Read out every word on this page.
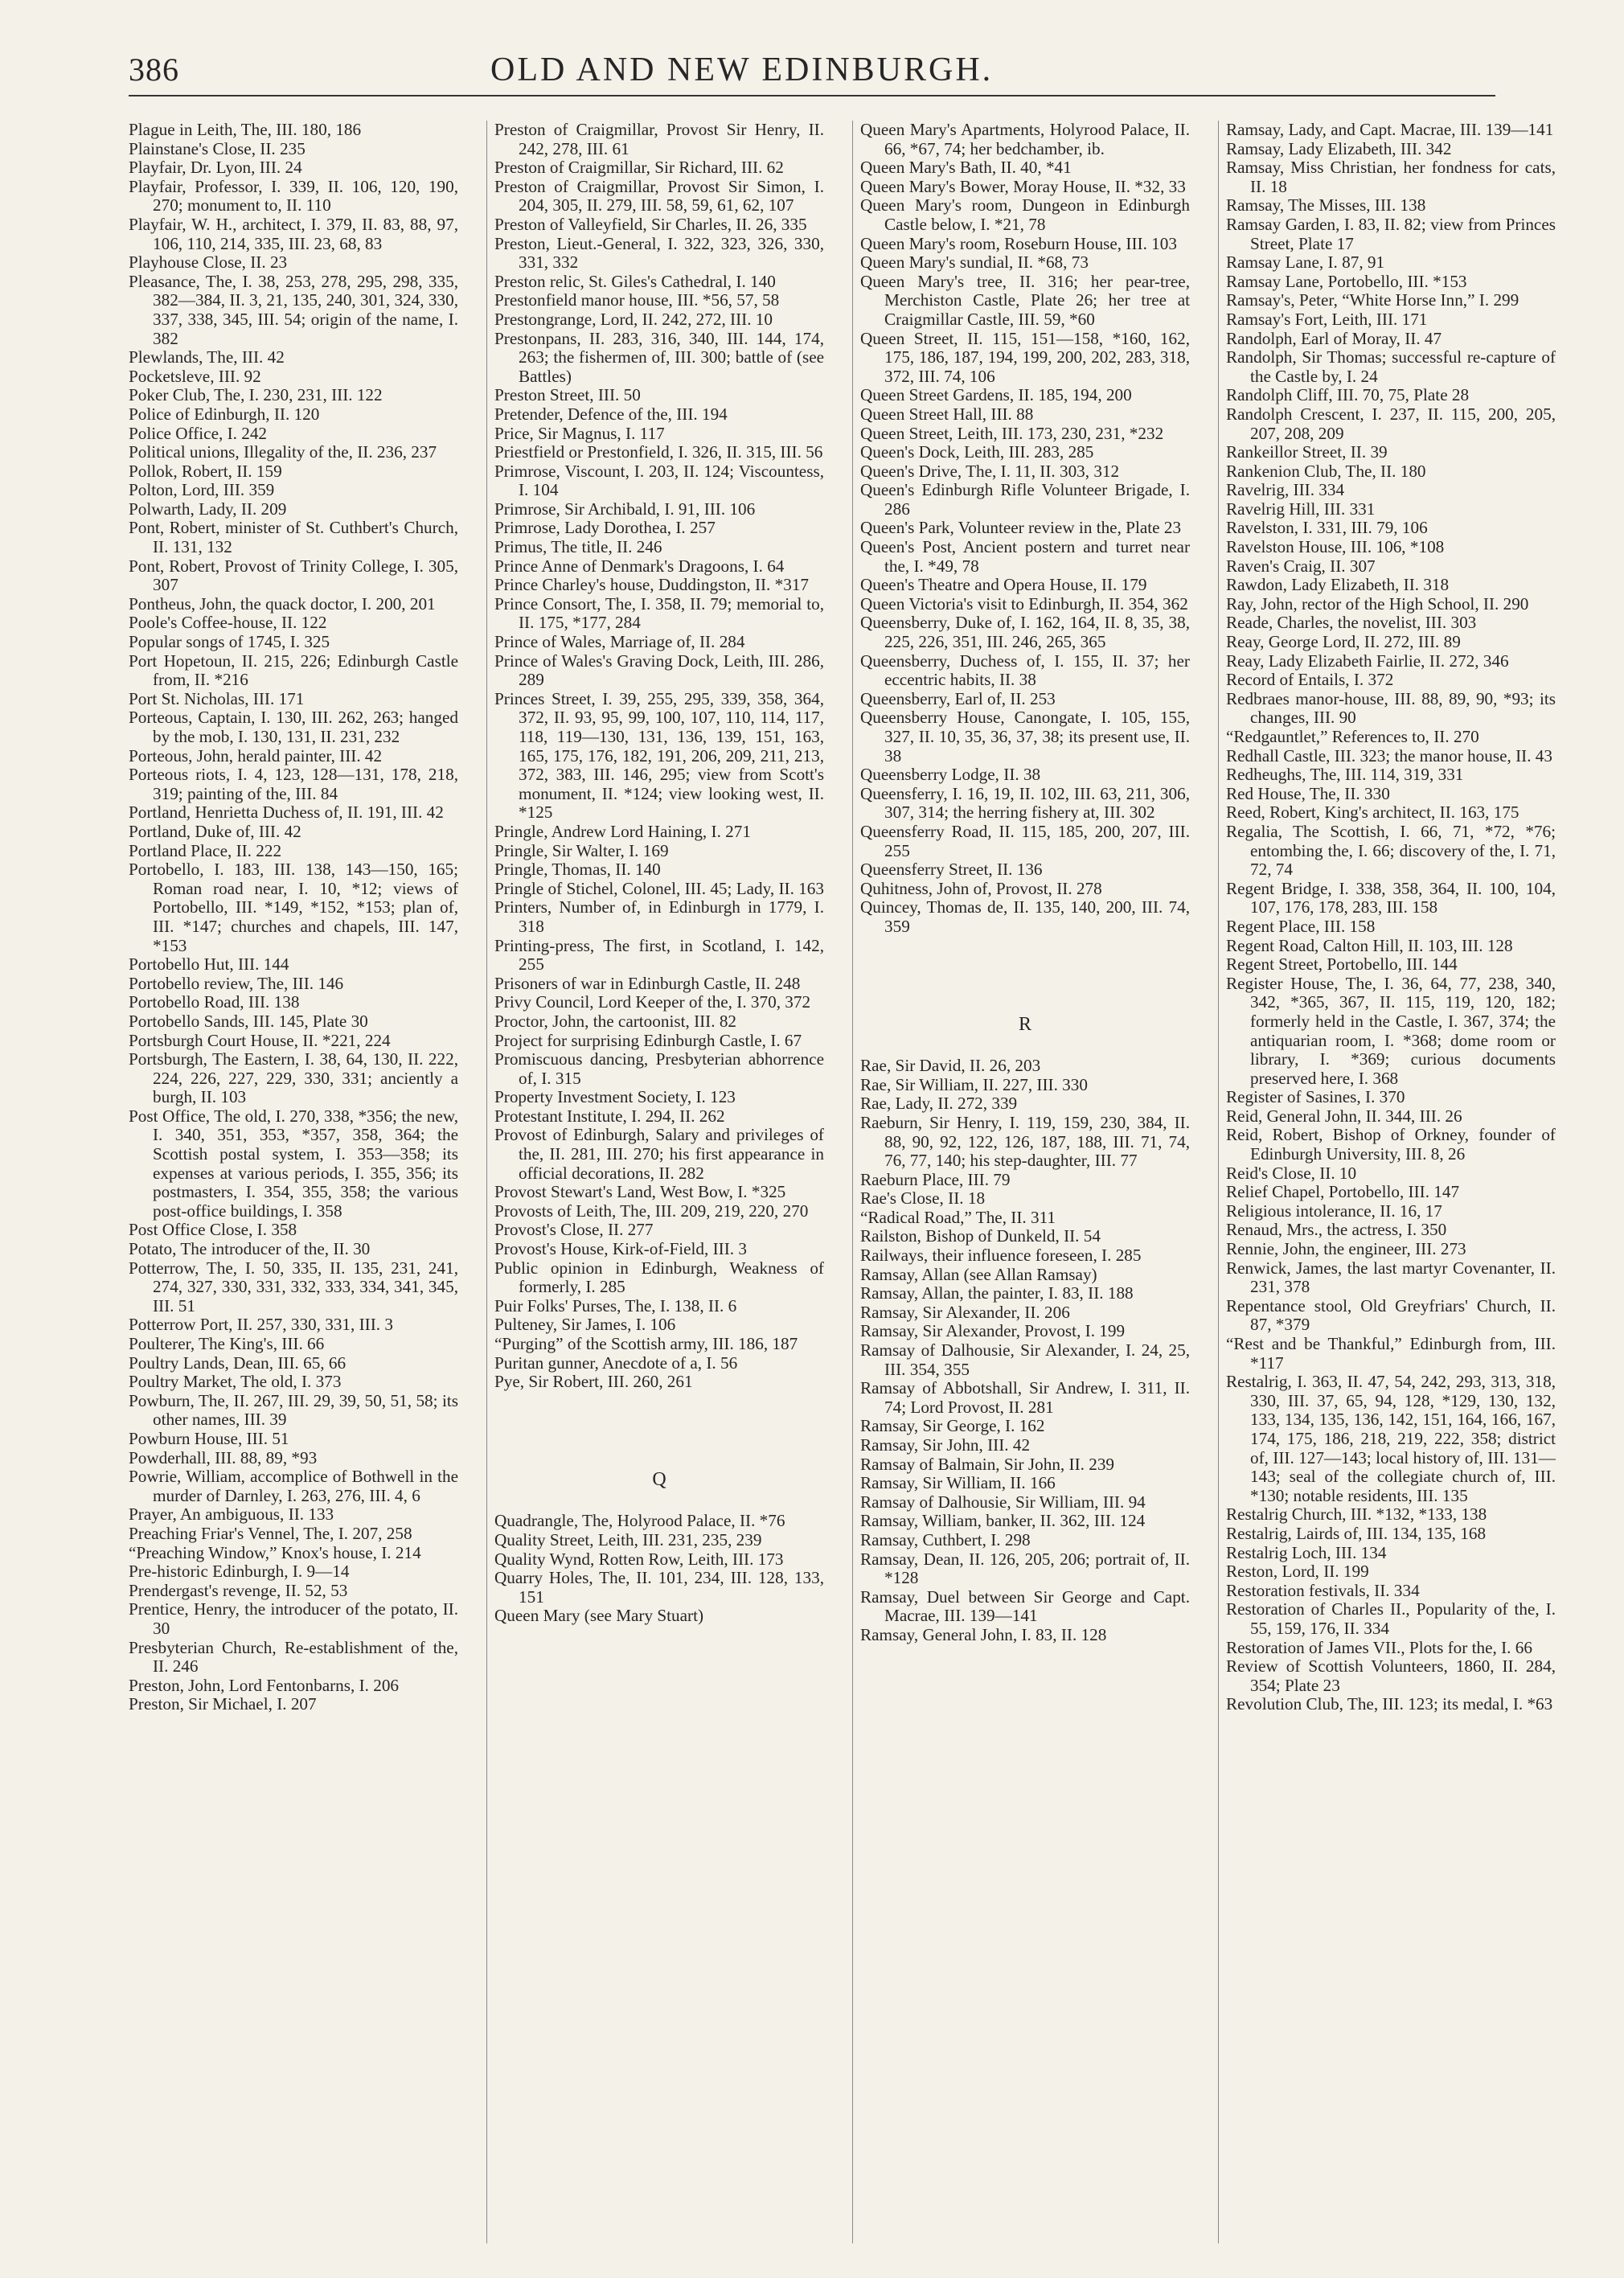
386	OLD AND NEW EDINBURGH.
Plague in Leith, The, III. 180, 186
Plainstane's Close, II. 235
Playfair, Dr. Lyon, III. 24
Playfair, Professor, I. 339, II. 106, 120, 190, 270; monument to, II. 110
Playfair, W. H., architect, I. 379, II. 83, 88, 97, 106, 110, 214, 335, III. 23, 68, 83
Playhouse Close, II. 23
Pleasance, The, I. 38, 253, 278, 295, 298, 335, 382—384, II. 3, 21, 135, 240, 301, 324, 330, 337, 338, 345, III. 54; origin of the name, I. 382
Plewlands, The, III. 42
Pocketsleve, III. 92
Poker Club, The, I. 230, 231, III. 122
Police of Edinburgh, II. 120
Police Office, I. 242
Political unions, Illegality of the, II. 236, 237
Pollok, Robert, II. 159
Polton, Lord, III. 359
Polwarth, Lady, II. 209
Pont, Robert, minister of St. Cuthbert's Church, II. 131, 132
Pont, Robert, Provost of Trinity College, I. 305, 307
Pontheus, John, the quack doctor, I. 200, 201
Poole's Coffee-house, II. 122
Popular songs of 1745, I. 325
Port Hopetoun, II. 215, 226; Edinburgh Castle from, II. *216
Port St. Nicholas, III. 171
Porteous, Captain, I. 130, III. 262, 263; hanged by the mob, I. 130, 131, II. 231, 232
Porteous, John, herald painter, III. 42
Porteous riots, I. 4, 123, 128—131, 178, 218, 319; painting of the, III. 84
Portland, Henrietta Duchess of, II. 191, III. 42
Portland, Duke of, III. 42
Portland Place, II. 222
Portobello, I. 183, III. 138, 143—150, 165; Roman road near, I. 10, *12; views of Portobello, III. *149, *152, *153; plan of, III. *147; churches and chapels, III. 147, *153
Portobello Hut, III. 144
Portobello review, The, III. 146
Portobello Road, III. 138
Portobello Sands, III. 145, Plate 30
Portsburgh Court House, II. *221, 224
Portsburgh, The Eastern, I. 38, 64, 130, II. 222, 224, 226, 227, 229, 330, 331; anciently a burgh, II. 103
Post Office, The old, I. 270, 338, *356; the new, I. 340, 351, 353, *357, 358, 364; the Scottish postal system, I. 353—358; its expenses at various periods, I. 355, 356; its postmasters, I. 354, 355, 358; the various post-office buildings, I. 358
Post Office Close, I. 358
Potato, The introducer of the, II. 30
Potterrow, The, I. 50, 335, II. 135, 231, 241, 274, 327, 330, 331, 332, 333, 334, 341, 345, III. 51
Potterrow Port, II. 257, 330, 331, III. 3
Poulterer, The King's, III. 66
Poultry Lands, Dean, III. 65, 66
Poultry Market, The old, I. 373
Powburn, The, II. 267, III. 29, 39, 50, 51, 58; its other names, III. 39
Powburn House, III. 51
Powderhall, III. 88, 89, *93
Powrie, William, accomplice of Bothwell in the murder of Darnley, I. 263, 276, III. 4, 6
Prayer, An ambiguous, II. 133
Preaching Friar's Vennel, The, I. 207, 258
“Preaching Window,” Knox's house, I. 214
Pre-historic Edinburgh, I. 9—14
Prendergast's revenge, II. 52, 53
Prentice, Henry, the introducer of the potato, II. 30
Presbyterian Church, Re-establishment of the, II. 246
Preston, John, Lord Fentonbarns, I. 206
Preston, Sir Michael, I. 207
Preston of Craigmillar, Provost Sir Henry, II. 242, 278, III. 61
Preston of Craigmillar, Sir Richard, III. 62
Preston of Craigmillar, Provost Sir Simon, I. 204, 305, II. 279, III. 58, 59, 61, 62, 107
Preston of Valleyfield, Sir Charles, II. 26, 335
Preston, Lieut.-General, I. 322, 323, 326, 330, 331, 332
Preston relic, St. Giles's Cathedral, I. 140
Prestonfield manor house, III. *56, 57, 58
Prestongrange, Lord, II. 242, 272, III. 10
Prestonpans, II. 283, 316, 340, III. 144, 174, 263; the fishermen of, III. 300; battle of (see Battles)
Preston Street, III. 50
Pretender, Defence of the, III. 194
Price, Sir Magnus, I. 117
Priestfield or Prestonfield, I. 326, II. 315, III. 56
Primrose, Viscount, I. 203, II. 124; Viscountess, I. 104
Primrose, Sir Archibald, I. 91, III. 106
Primrose, Lady Dorothea, I. 257
Primus, The title, II. 246
Prince Anne of Denmark's Dragoons, I. 64
Prince Charley's house, Duddingston, II. *317
Prince Consort, The, I. 358, II. 79; memorial to, II. 175, *177, 284
Prince of Wales, Marriage of, II. 284
Prince of Wales's Graving Dock, Leith, III. 286, 289
Princes Street, I. 39, 255, 295, 339, 358, 364, 372, II. 93, 95, 99, 100, 107, 110, 114, 117, 118, 119—130, 131, 136, 139, 151, 163, 165, 175, 176, 182, 191, 206, 209, 211, 213, 372, 383, III. 146, 295; view from Scott's monument, II. *124; view looking west, II. *125
Pringle, Andrew Lord Haining, I. 271
Pringle, Sir Walter, I. 169
Pringle, Thomas, II. 140
Pringle of Stichel, Colonel, III. 45; Lady, II. 163
Printers, Number of, in Edinburgh in 1779, I. 318
Printing-press, The first, in Scotland, I. 142, 255
Prisoners of war in Edinburgh Castle, II. 248
Privy Council, Lord Keeper of the, I. 370, 372
Proctor, John, the cartoonist, III. 82
Project for surprising Edinburgh Castle, I. 67
Promiscuous dancing, Presbyterian abhorrence of, I. 315
Property Investment Society, I. 123
Protestant Institute, I. 294, II. 262
Provost of Edinburgh, Salary and privileges of the, II. 281, III. 270; his first appearance in official decorations, II. 282
Provost Stewart's Land, West Bow, I. *325
Provosts of Leith, The, III. 209, 219, 220, 270
Provost's Close, II. 277
Provost's House, Kirk-of-Field, III. 3
Public opinion in Edinburgh, Weakness of formerly, I. 285
Puir Folks' Purses, The, I. 138, II. 6
Pulteney, Sir James, I. 106
“Purging” of the Scottish army, III. 186, 187
Puritan gunner, Anecdote of a, I. 56
Pye, Sir Robert, III. 260, 261
Q
Quadrangle, The, Holyrood Palace, II. *76
Quality Street, Leith, III. 231, 235, 239
Quality Wynd, Rotten Row, Leith, III. 173
Quarry Holes, The, II. 101, 234, III. 128, 133, 151
Queen Mary (see Mary Stuart)
Queen Mary's Apartments, Holyrood Palace, II. 66, *67, 74; her bedchamber, ib.
Queen Mary's Bath, II. 40, *41
Queen Mary's Bower, Moray House, II. *32, 33
Queen Mary's room, Dungeon in Edinburgh Castle below, I. *21, 78
Queen Mary's room, Roseburn House, III. 103
Queen Mary's sundial, II. *68, 73
Queen Mary's tree, II. 316; her pear-tree, Merchiston Castle, Plate 26; her tree at Craigmillar Castle, III. 59, *60
Queen Street, II. 115, 151—158, *160, 162, 175, 186, 187, 194, 199, 200, 202, 283, 318, 372, III. 74, 106
Queen Street Gardens, II. 185, 194, 200
Queen Street Hall, III. 88
Queen Street, Leith, III. 173, 230, 231, *232
Queen's Dock, Leith, III. 283, 285
Queen's Drive, The, I. 11, II. 303, 312
Queen's Edinburgh Rifle Volunteer Brigade, I. 286
Queen's Park, Volunteer review in the, Plate 23
Queen's Post, Ancient postern and turret near the, I. *49, 78
Queen's Theatre and Opera House, II. 179
Queen Victoria's visit to Edinburgh, II. 354, 362
Queensberry, Duke of, I. 162, 164, II. 8, 35, 38, 225, 226, 351, III. 246, 265, 365
Queensberry, Duchess of, I. 155, II. 37; her eccentric habits, II. 38
Queensberry, Earl of, II. 253
Queensberry House, Canongate, I. 105, 155, 327, II. 10, 35, 36, 37, 38; its present use, II. 38
Queensberry Lodge, II. 38
Queensferry, I. 16, 19, II. 102, III. 63, 211, 306, 307, 314; the herring fishery at, III. 302
Queensferry Road, II. 115, 185, 200, 207, III. 255
Queensferry Street, II. 136
Quhitness, John of, Provost, II. 278
Quincey, Thomas de, II. 135, 140, 200, III. 74, 359
R
Rae, Sir David, II. 26, 203
Rae, Sir William, II. 227, III. 330
Rae, Lady, II. 272, 339
Raeburn, Sir Henry, I. 119, 159, 230, 384, II. 88, 90, 92, 122, 126, 187, 188, III. 71, 74, 76, 77, 140; his step-daughter, III. 77
Raeburn Place, III. 79
Rae's Close, II. 18
“Radical Road,” The, II. 311
Railston, Bishop of Dunkeld, II. 54
Railways, their influence foreseen, I. 285
Ramsay, Allan (see Allan Ramsay)
Ramsay, Allan, the painter, I. 83, II. 188
Ramsay, Sir Alexander, II. 206
Ramsay, Sir Alexander, Provost, I. 199
Ramsay of Dalhousie, Sir Alexander, I. 24, 25, III. 354, 355
Ramsay of Abbotshall, Sir Andrew, I. 311, II. 74; Lord Provost, II. 281
Ramsay, Sir George, I. 162
Ramsay, Sir John, III. 42
Ramsay of Balmain, Sir John, II. 239
Ramsay, Sir William, II. 166
Ramsay of Dalhousie, Sir William, III. 94
Ramsay, William, banker, II. 362, III. 124
Ramsay, Cuthbert, I. 298
Ramsay, Dean, II. 126, 205, 206; portrait of, II. *128
Ramsay, Duel between Sir George and Capt. Macrae, III. 139—141
Ramsay, General John, I. 83, II. 128
Ramsay, Lady, and Capt. Macrae, III. 139—141
Ramsay, Lady Elizabeth, III. 342
Ramsay, Miss Christian, her fondness for cats, II. 18
Ramsay, The Misses, III. 138
Ramsay Garden, I. 83, II. 82; view from Princes Street, Plate 17
Ramsay Lane, I. 87, 91
Ramsay Lane, Portobello, III. *153
Ramsay's, Peter, “White Horse Inn,” I. 299
Ramsay's Fort, Leith, III. 171
Randolph, Earl of Moray, II. 47
Randolph, Sir Thomas; successful re-capture of the Castle by, I. 24
Randolph Cliff, III. 70, 75, Plate 28
Randolph Crescent, I. 237, II. 115, 200, 205, 207, 208, 209
Rankeillor Street, II. 39
Rankenion Club, The, II. 180
Ravelrig, III. 334
Ravelrig Hill, III. 331
Ravelston, I. 331, III. 79, 106
Ravelston House, III. 106, *108
Raven's Craig, II. 307
Rawdon, Lady Elizabeth, II. 318
Ray, John, rector of the High School, II. 290
Reade, Charles, the novelist, III. 303
Reay, George Lord, II. 272, III. 89
Reay, Lady Elizabeth Fairlie, II. 272, 346
Record of Entails, I. 372
Redbraes manor-house, III. 88, 89, 90, *93; its changes, III. 90
“Redgauntlet,” References to, II. 270
Redhall Castle, III. 323; the manor house, II. 43
Redheughs, The, III. 114, 319, 331
Red House, The, II. 330
Reed, Robert, King's architect, II. 163, 175
Regalia, The Scottish, I. 66, 71, *72, *76; entombing the, I. 66; discovery of the, I. 71, 72, 74
Regent Bridge, I. 338, 358, 364, II. 100, 104, 107, 176, 178, 283, III. 158
Regent Place, III. 158
Regent Road, Calton Hill, II. 103, III. 128
Regent Street, Portobello, III. 144
Register House, The, I. 36, 64, 77, 238, 340, 342, *365, 367, II. 115, 119, 120, 182; formerly held in the Castle, I. 367, 374; the antiquarian room, I. *368; dome room or library, I. *369; curious documents preserved here, I. 368
Register of Sasines, I. 370
Reid, General John, II. 344, III. 26
Reid, Robert, Bishop of Orkney, founder of Edinburgh University, III. 8, 26
Reid's Close, II. 10
Relief Chapel, Portobello, III. 147
Religious intolerance, II. 16, 17
Renaud, Mrs., the actress, I. 350
Rennie, John, the engineer, III. 273
Renwick, James, the last martyr Covenanter, II. 231, 378
Repentance stool, Old Greyfriars' Church, II. 87, *379
“Rest and be Thankful,” Edinburgh from, III. *117
Restalrig, I. 363, II. 47, 54, 242, 293, 313, 318, 330, III. 37, 65, 94, 128, *129, 130, 132, 133, 134, 135, 136, 142, 151, 164, 166, 167, 174, 175, 186, 218, 219, 222, 358; district of, III. 127—143; local history of, III. 131—143; seal of the collegiate church of, III. *130; notable residents, III. 135
Restalrig Church, III. *132, *133, 138
Restalrig, Lairds of, III. 134, 135, 168
Restalrig Loch, III. 134
Reston, Lord, II. 199
Restoration festivals, II. 334
Restoration of Charles II., Popularity of the, I. 55, 159, 176, II. 334
Restoration of James VII., Plots for the, I. 66
Review of Scottish Volunteers, 1860, II. 284, 354; Plate 23
Revolution Club, The, III. 123; its medal, I. *63
